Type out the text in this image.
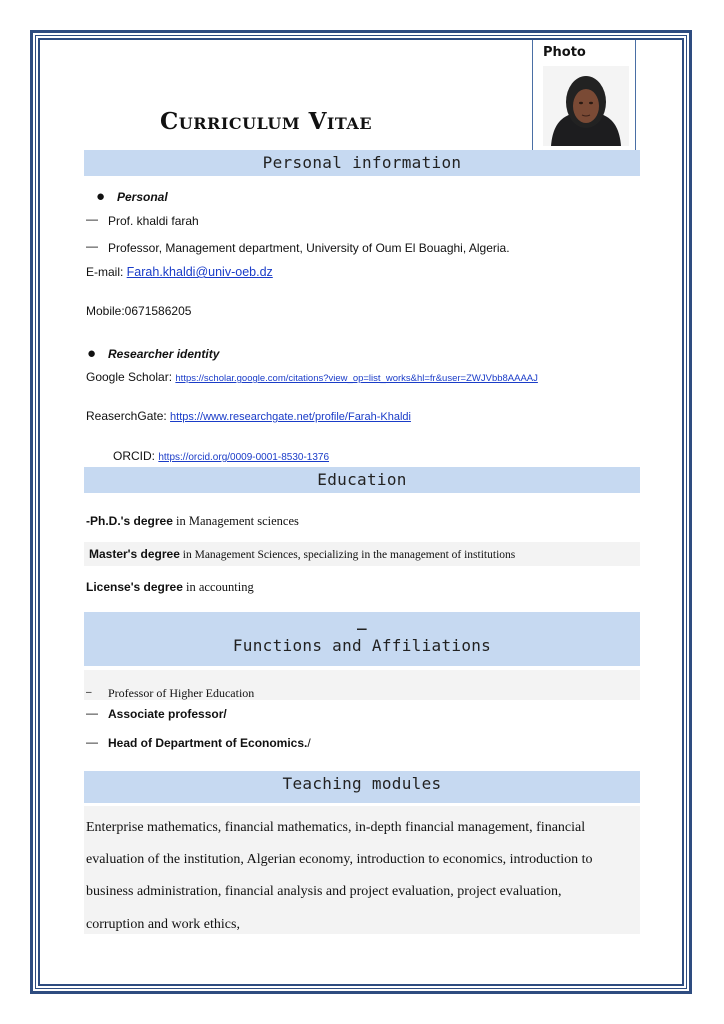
Photo
Curriculum Vitae
Personal information
● Personal
— Prof. khaldi farah
— Professor, Management department, University of Oum El Bouaghi, Algeria.
E-mail: Farah.khaldi@univ-oeb.dz
Mobile:0671586205
● Researcher identity
Google Scholar: https://scholar.google.com/citations?view_op=list_works&hl=fr&user=ZWJVbb8AAAAJ
ReaserchGate: https://www.researchgate.net/profile/Farah-Khaldi
ORCID: https://orcid.org/0009-0001-8530-1376
Education
-Ph.D.'s degree in Management sciences
Master's degree in Management Sciences, specializing in the management of institutions
License's degree in accounting
_
Functions and Affiliations
– Professor of Higher Education
— Associate professor/
— Head of Department of Economics./
Teaching modules
Enterprise mathematics, financial mathematics, in-depth financial management, financial
evaluation of the institution, Algerian economy, introduction to economics, introduction to
business administration, financial analysis and project evaluation, project evaluation,
corruption and work ethics,
